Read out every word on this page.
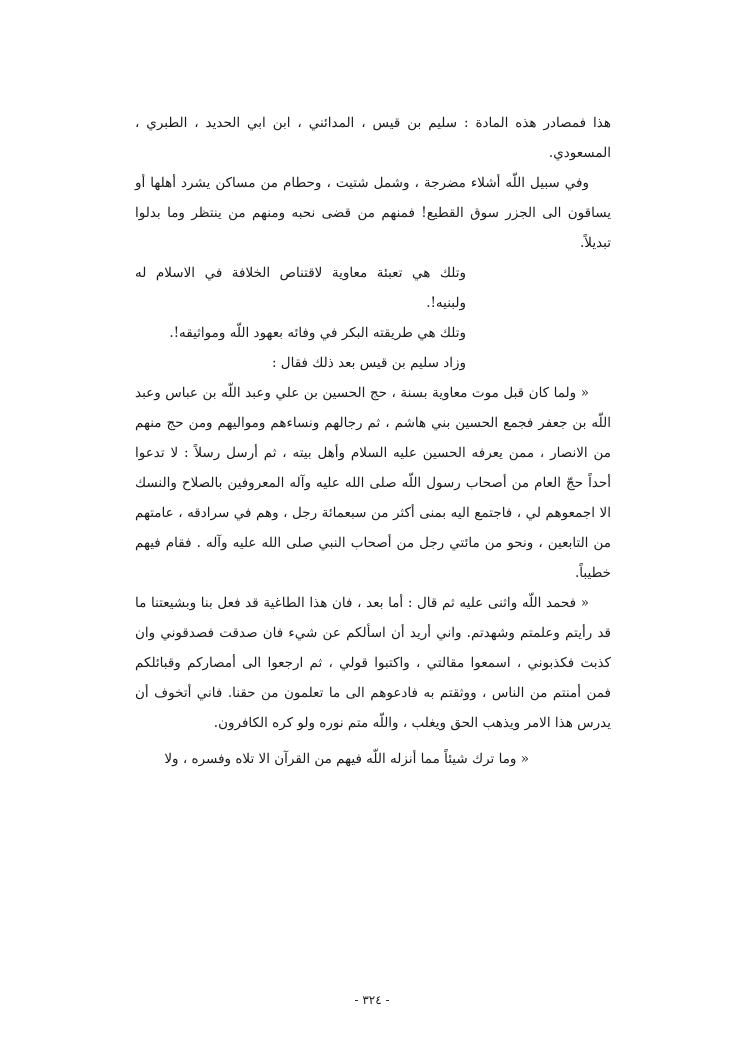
هذا فمصادر هذه المادة : سليم بن قيس ، المدائني ، ابن ابي الحديد ، الطبري ، المسعودي.

وفي سبيل اللّه أشلاء مضرجة ، وشمل شتيت ، وحطام من مساكن يشرد أهلها أو يساقون الى الجزر سوق القطيع! فمنهم من قضى نحبه ومنهم من ينتظر وما بدلوا تبديلاً.

وتلك هي تعبئة معاوية لاقتناص الخلافة في الاسلام له ولبنيه!.

وتلك هي طريقته البكر في وفائه بعهود اللّه ومواثيقه!.

وزاد سليم بن قيس بعد ذلك فقال :

« ولما كان قبل موت معاوية بسنة ، حج الحسين بن علي وعبد اللّه بن عباس وعبد اللّه بن جعفر فجمع الحسين بني هاشم ، ثم رجالهم ونساءهم ومواليهم ومن حج منهم من الانصار ، ممن يعرفه الحسين عليه السلام وأهل بيته ، ثم أرسل رسلاً : لا تدعوا أحداً حجّ العام من أصحاب رسول اللّه صلى الله عليه وآله المعروفين بالصلاح والنسك الا اجمعوهم لي ، فاجتمع اليه بمنى أكثر من سبعمائة رجل ، وهم في سرادقه ، عامتهم من التابعين ، ونحو من مائتي رجل من أصحاب النبي صلى الله عليه وآله . فقام فيهم خطيباً.

« فحمد اللّه واثنى عليه ثم قال : أما بعد ، فان هذا الطاغية قد فعل بنا وبشيعتنا ما قد رأيتم وعلمتم وشهدتم. واني أريد أن اسألكم عن شيء فان صدقت فصدقوني وان كذبت فكذبوني ، اسمعوا مقالتي ، واكتبوا قولي ، ثم ارجعوا الى أمصاركم وقبائلكم فمن أمنتم من الناس ، ووثقتم به فادعوهم الى ما تعلمون من حقنا. فاني أتخوف أن يدرس هذا الامر ويذهب الحق ويغلب ، واللّه متم نوره ولو كره الكافرون.

« وما ترك شيئاً مما أنزله اللّه فيهم من القرآن الا تلاه وفسره ، ولا

- ٣٢٤ -
